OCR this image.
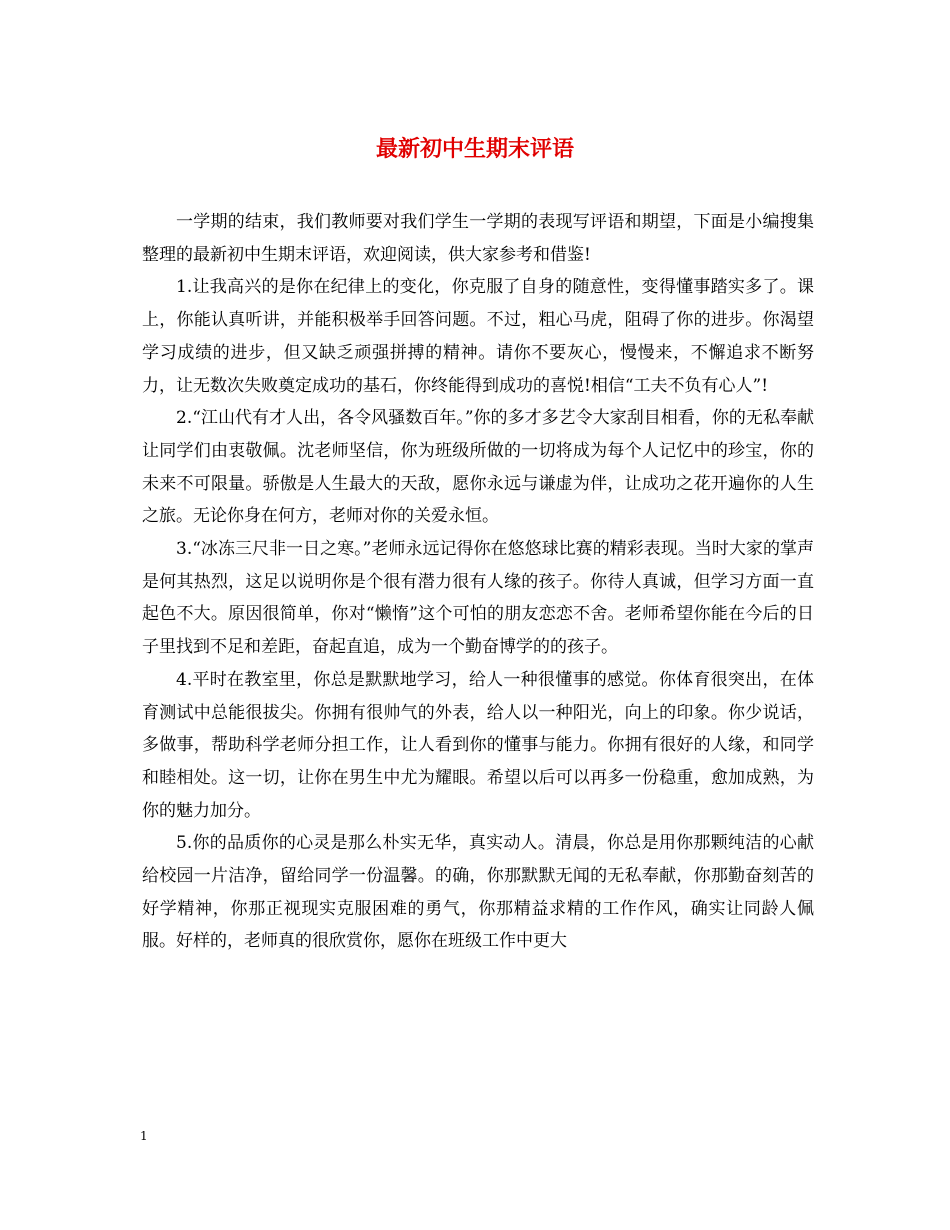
最新初中生期末评语

一学期的结束，我们教师要对我们学生一学期的表现写评语和期望，下面是小编搜集整理的最新初中生期末评语，欢迎阅读，供大家参考和借鉴!

1.让我高兴的是你在纪律上的变化，你克服了自身的随意性，变得懂事踏实多了。课上，你能认真听讲，并能积极举手回答问题。不过，粗心马虎，阻碍了你的进步。你渴望学习成绩的进步，但又缺乏顽强拼搏的精神。请你不要灰心，慢慢来，不懈追求不断努力，让无数次失败奠定成功的基石，你终能得到成功的喜悦!相信“工夫不负有心人”!

2.“江山代有才人出，各令风骚数百年。”你的多才多艺令大家刮目相看，你的无私奉献让同学们由衷敬佩。沈老师坚信，你为班级所做的一切将成为每个人记忆中的珍宝，你的未来不可限量。骄傲是人生最大的天敌，愿你永远与谦虚为伴，让成功之花开遍你的人生之旅。无论你身在何方，老师对你的关爱永恒。

3.“冰冻三尺非一日之寒。”老师永远记得你在悠悠球比赛的精彩表现。当时大家的掌声是何其热烈，这足以说明你是个很有潜力很有人缘的孩子。你待人真诚，但学习方面一直起色不大。原因很简单，你对“懒惰”这个可怕的朋友恋恋不舍。老师希望你能在今后的日子里找到不足和差距，奋起直追，成为一个勤奋博学的的孩子。

4.平时在教室里，你总是默默地学习，给人一种很懂事的感觉。你体育很突出，在体育测试中总能很拔尖。你拥有很帅气的外表，给人以一种阳光，向上的印象。你少说话，多做事，帮助科学老师分担工作，让人看到你的懂事与能力。你拥有很好的人缘，和同学和睦相处。这一切，让你在男生中尤为耀眼。希望以后可以再多一份稳重，愈加成熟，为你的魅力加分。

5.你的品质你的心灵是那么朴实无华，真实动人。清晨，你总是用你那颗纯洁的心献给校园一片洁净，留给同学一份温馨。的确，你那默默无闻的无私奉献，你那勤奋刻苦的好学精神，你那正视现实克服困难的勇气，你那精益求精的工作作风，确实让同龄人佩服。好样的，老师真的很欣赏你，愿你在班级工作中更大

1
